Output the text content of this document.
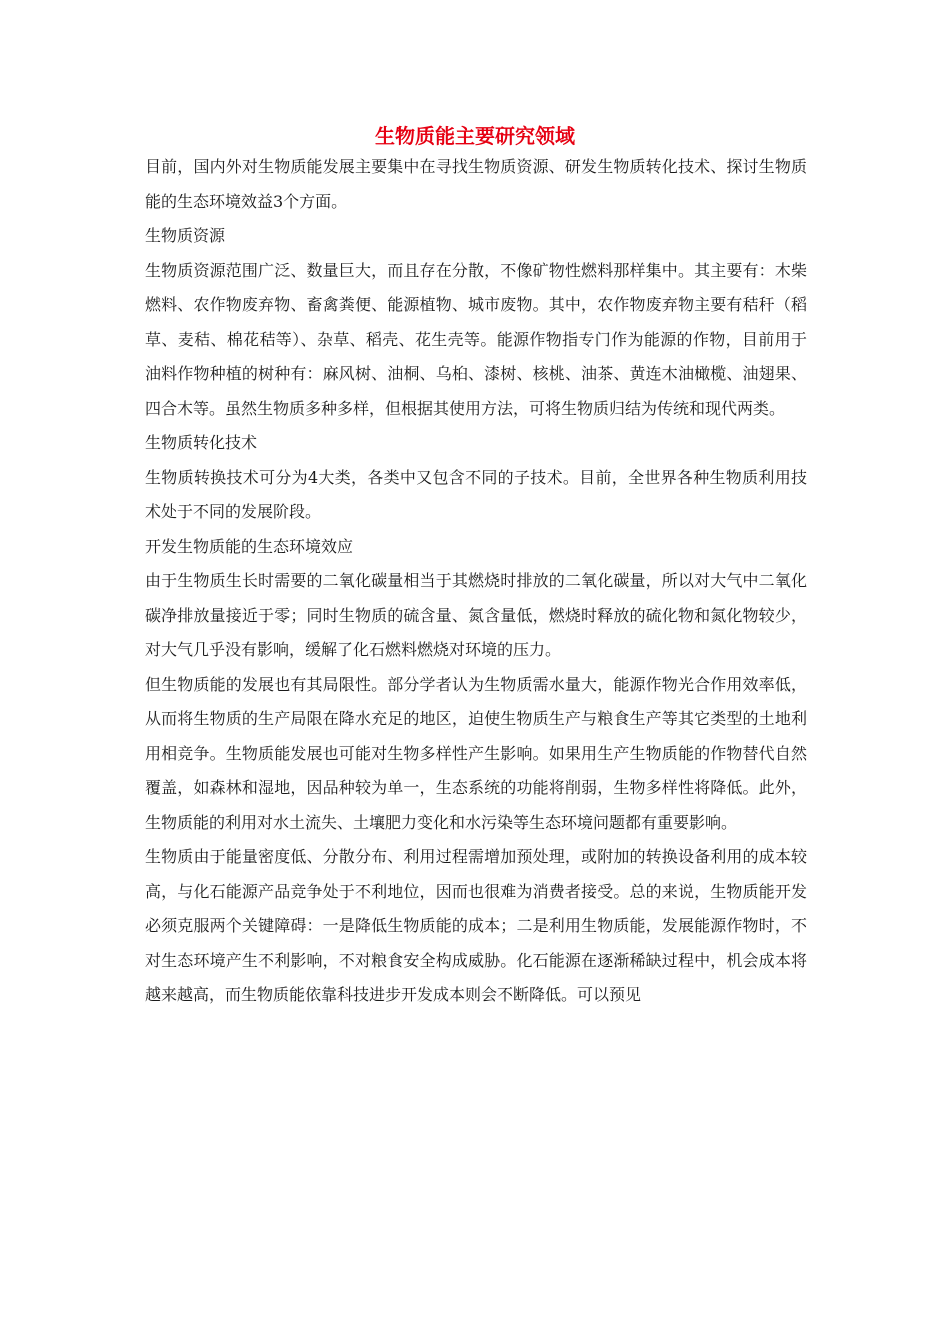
生物质能主要研究领域

目前，国内外对生物质能发展主要集中在寻找生物质资源、研发生物质转化技术、探讨生物质能的生态环境效益3个方面。

生物质资源

生物质资源范围广泛、数量巨大，而且存在分散，不像矿物性燃料那样集中。其主要有：木柴燃料、农作物废弃物、畜禽粪便、能源植物、城市废物。其中，农作物废弃物主要有秸秆（稻草、麦秸、棉花秸等）、杂草、稻壳、花生壳等。能源作物指专门作为能源的作物，目前用于油料作物种植的树种有：麻风树、油桐、乌桕、漆树、核桃、油茶、黄连木油橄榄、油翅果、四合木等。虽然生物质多种多样，但根据其使用方法，可将生物质归结为传统和现代两类。

生物质转化技术

生物质转换技术可分为4大类，各类中又包含不同的子技术。目前，全世界各种生物质利用技术处于不同的发展阶段。

开发生物质能的生态环境效应

由于生物质生长时需要的二氧化碳量相当于其燃烧时排放的二氧化碳量，所以对大气中二氧化碳净排放量接近于零；同时生物质的硫含量、氮含量低，燃烧时释放的硫化物和氮化物较少，对大气几乎没有影响，缓解了化石燃料燃烧对环境的压力。

但生物质能的发展也有其局限性。部分学者认为生物质需水量大，能源作物光合作用效率低，从而将生物质的生产局限在降水充足的地区，迫使生物质生产与粮食生产等其它类型的土地利用相竞争。生物质能发展也可能对生物多样性产生影响。如果用生产生物质能的作物替代自然覆盖，如森林和湿地，因品种较为单一，生态系统的功能将削弱，生物多样性将降低。此外，生物质能的利用对水土流失、土壤肥力变化和水污染等生态环境问题都有重要影响。

生物质由于能量密度低、分散分布、利用过程需增加预处理，或附加的转换设备利用的成本较高，与化石能源产品竞争处于不利地位，因而也很难为消费者接受。总的来说，生物质能开发必须克服两个关键障碍：一是降低生物质能的成本；二是利用生物质能，发展能源作物时，不对生态环境产生不利影响，不对粮食安全构成威胁。化石能源在逐渐稀缺过程中，机会成本将越来越高，而生物质能依靠科技进步开发成本则会不断降低。可以预见
